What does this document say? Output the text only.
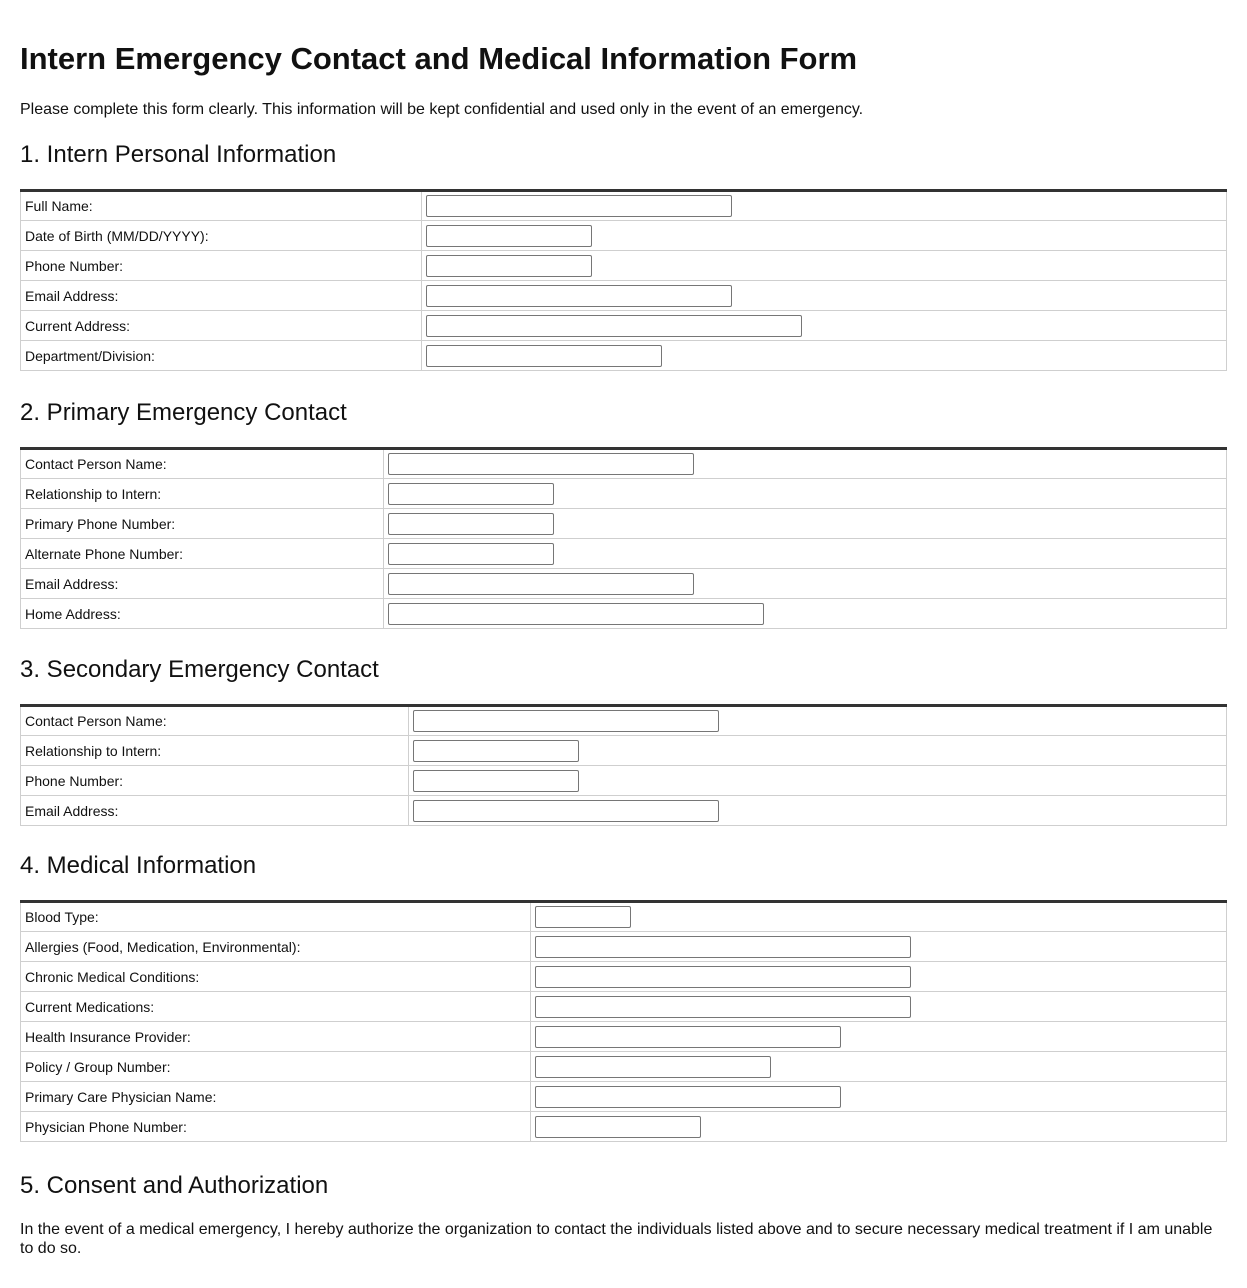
Intern Emergency Contact and Medical Information Form

Please complete this form clearly. This information will be kept confidential and used only in the event of an emergency.

1. Intern Personal Information
Full Name:	

Date of Birth (MM/DD/YYYY):	

Phone Number:	

Email Address:	

Current Address:	

Department/Division:	
2. Primary Emergency Contact
Contact Person Name:	

Relationship to Intern:	

Primary Phone Number:	

Alternate Phone Number:	

Email Address:	

Home Address:	
3. Secondary Emergency Contact
Contact Person Name:	

Relationship to Intern:	

Phone Number:	

Email Address:	
4. Medical Information
Blood Type:	

Allergies (Food, Medication, Environmental):	

Chronic Medical Conditions:	

Current Medications:	

Health Insurance Provider:	

Policy / Group Number:	

Primary Care Physician Name:	

Physician Phone Number:	
5. Consent and Authorization

In the event of a medical emergency, I hereby authorize the organization to contact the individuals listed above and to secure necessary medical treatment if I am unable to do so.
